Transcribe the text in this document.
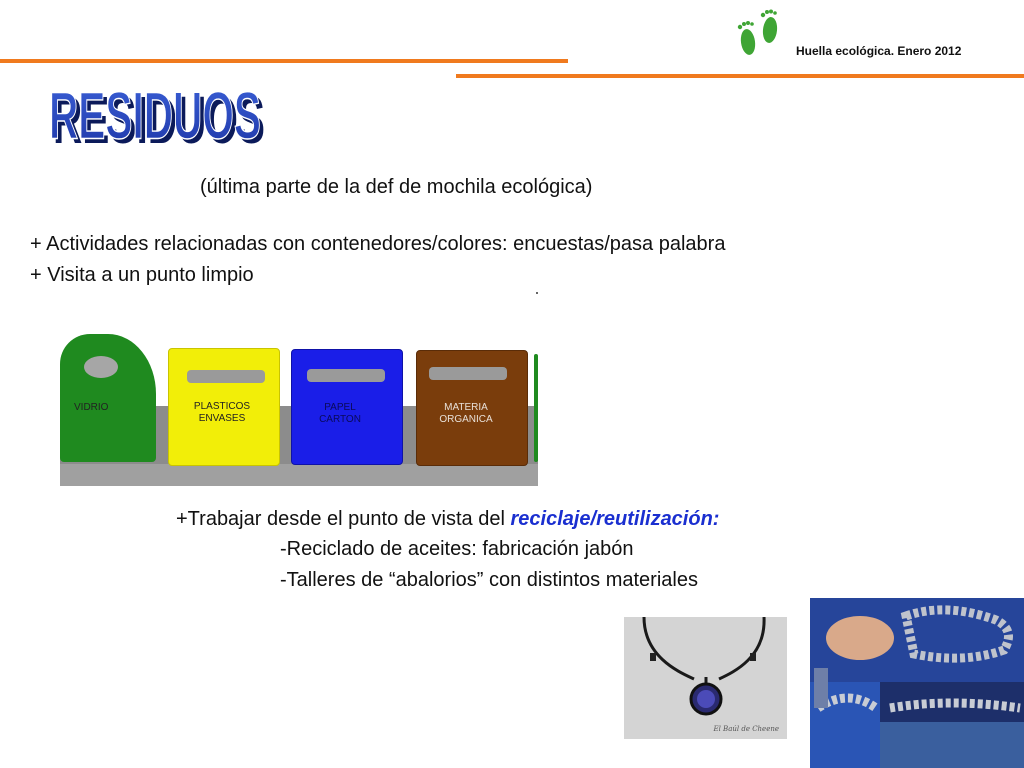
Huella ecológica. Enero 2012
RESIDUOS
RESIDUOS
(última parte de la def de mochila ecológica)
+ Actividades relacionadas con contenedores/colores: encuestas/pasa palabra
+ Visita a un punto limpio
VIDRIO	PLASTICOS
ENVASES
PAPEL
CARTON
MATERIA
ORGANICA
+Trabajar desde el punto de vista del reciclaje/reutilización:
-Reciclado de aceites: fabricación jabón
-Talleres de “abalorios” con distintos materiales
El Baúl de Cheene
